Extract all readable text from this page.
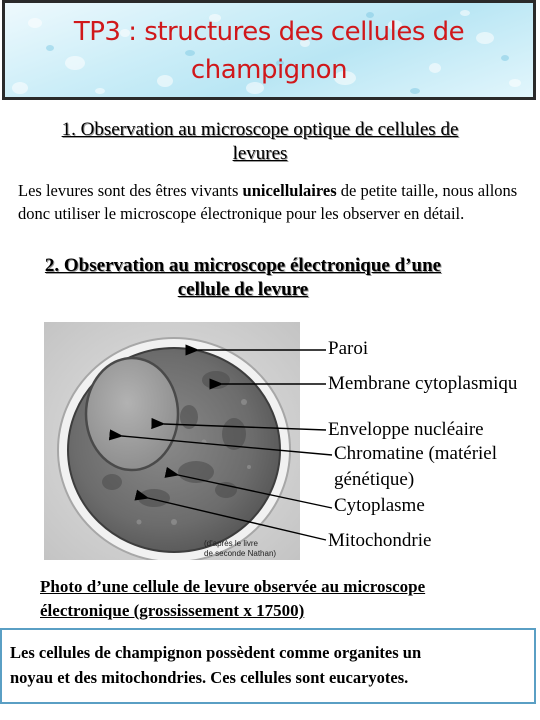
TP3 : structures des cellules de
champignon
1. Observation au microscope optique de cellules de
levures
Les levures sont des êtres vivants unicellulaires de petite taille, nous allons donc utiliser le microscope électronique pour les observer en détail.
2. Observation au microscope électronique d’une
cellule de levure
(d'après le livre
de seconde Nathan)
Paroi
Membrane cytoplasmiqu
Enveloppe nucléaire
Chromatine (matériel
génétique)
Cytoplasme
Mitochondrie
Photo d’une cellule de levure observée au microscope
électronique (grossissement x 17500)
Les cellules de champignon possèdent comme organites un
noyau et des mitochondries. Ces cellules sont eucaryotes.
